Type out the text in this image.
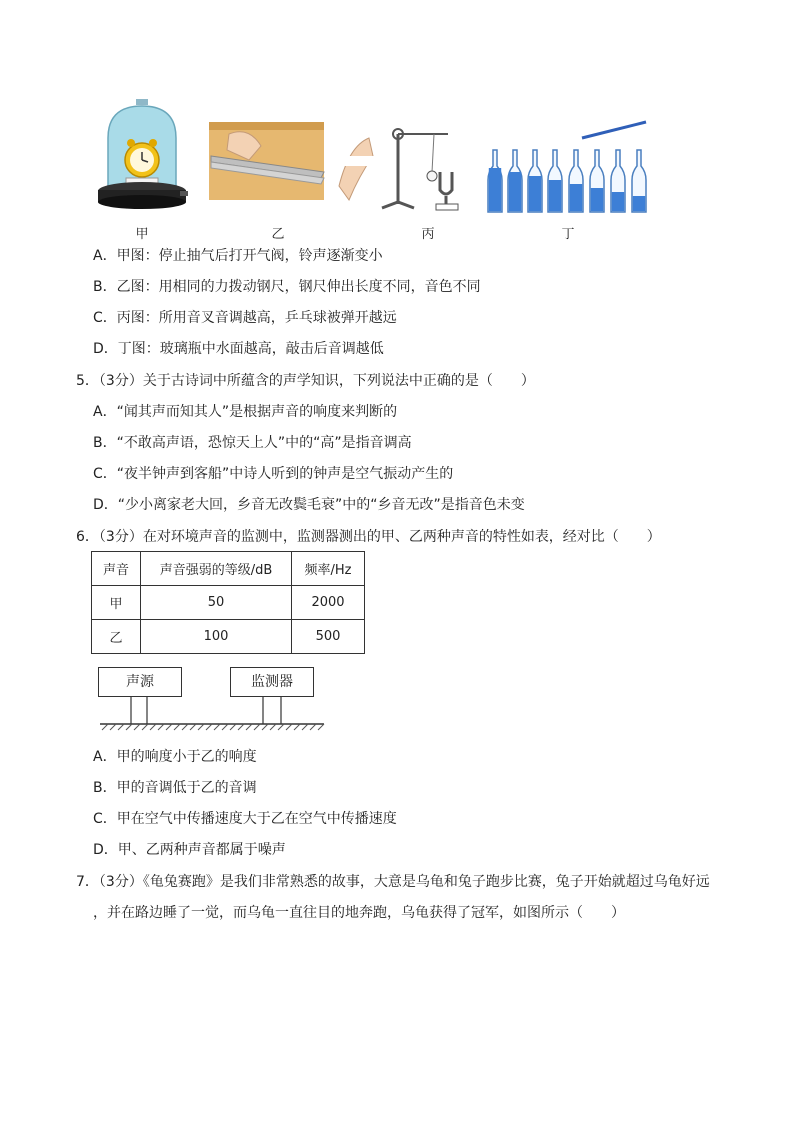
甲	乙	丙	丁
A．甲图：停止抽气后打开气阀，铃声逐渐变小
B．乙图：用相同的力拨动钢尺，钢尺伸出长度不同，音色不同
C．丙图：所用音叉音调越高，乒乓球被弹开越远
D．丁图：玻璃瓶中水面越高，敲击后音调越低
5．（3分）关于古诗词中所蕴含的声学知识，下列说法中正确的是（　　）
A．“闻其声而知其人”是根据声音的响度来判断的
B．“不敢高声语，恐惊天上人”中的“高”是指音调高
C．“夜半钟声到客船”中诗人听到的钟声是空气振动产生的
D．“少小离家老大回，乡音无改鬓毛衰”中的“乡音无改”是指音色未变
6．（3分）在对环境声音的监测中，监测器测出的甲、乙两种声音的特性如表，经对比（　　）
声音	声音强弱的等级/dB	频率/Hz
甲	50	2000
乙	100	500
声源	监测器
A．甲的响度小于乙的响度
B．甲的音调低于乙的音调
C．甲在空气中传播速度大于乙在空气中传播速度
D．甲、乙两种声音都属于噪声
7．（3分）《龟兔赛跑》是我们非常熟悉的故事，大意是乌龟和兔子跑步比赛，兔子开始就超过乌龟好远
，并在路边睡了一觉，而乌龟一直往目的地奔跑，乌龟获得了冠军，如图所示（　　）
